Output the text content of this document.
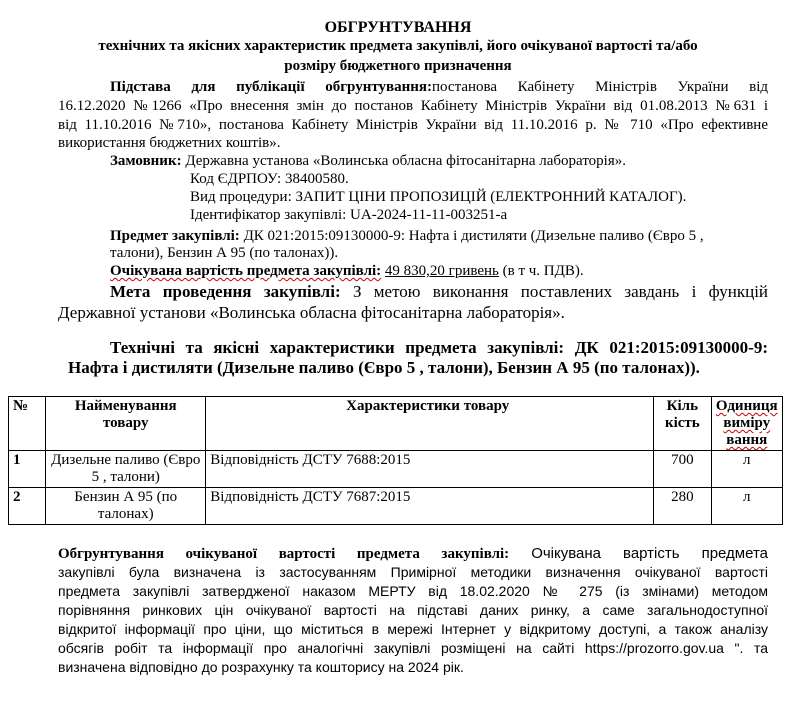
ОБГРУНТУВАННЯ
технічних та якісних характеристик предмета закупівлі, його очікуваної вартості та/або
розміру бюджетного призначення
Підстава для публікації обгрунтування:постанова Кабінету Міністрів України від
16.12.2020 №1266 «Про внесення змін до постанов Кабінету Міністрів України від 01.08.2013 №631 і
від 11.10.2016 №710», постанова Кабінету Міністрів України від 11.10.2016 р. № 710 «Про ефективне
використання бюджетних коштів».
Замовник: Державна установа «Волинська обласна фітосанітарна лабораторія».
Код ЄДРПОУ: 38400580.
Вид процедури: ЗАПИТ ЦІНИ ПРОПОЗИЦІЙ (ЕЛЕКТРОННИЙ КАТАЛОГ).
Ідентифікатор закупівлі: UA-2024-11-11-003251-a
Предмет закупівлі: ДК 021:2015:09130000-9: Нафта і дистиляти (Дизельне паливо (Євро 5 ,
талони), Бензин А 95 (по талонах)).
Очікувана вартість предмета закупівлі: 49 830,20 гривень (в т ч. ПДВ).
Мета проведення закупівлі: З метою виконання поставлених завдань і функцій
Державної установи «Волинська обласна фітосанітарна лабораторія».
Технічні та якісні характеристики предмета закупівлі: ДК 021:2015:09130000-9:
Нафта і дистиляти (Дизельне паливо (Євро 5 , талони), Бензин А 95 (по талонах)).
№	Найменування товару	Характеристики товару	Кіль кість	Одиниця виміру вання
1	Дизельне паливо (Євро 5 , талони)	Відповідність ДСТУ 7688:2015	700	л
2	Бензин А 95 (по талонах)	Відповідність ДСТУ 7687:2015	280	л
Обгрунтування очікуваної вартості предмета закупівлі: Очікувана вартість предмета
закупівлі була визначена із застосуванням Примірної методики визначення очікуваної вартості
предмета закупівлі затвердженої наказом МЕРТУ від 18.02.2020 № 275 (із змінами) методом
порівняння ринкових цін очікуваної вартості на підставі даних ринку, а саме загальнодоступної
відкритої інформації про ціни, що міститься в мережі Інтернет у відкритому доступі, а також аналізу
обсягів робіт та інформації про аналогічні закупівлі розміщені на сайті https://prozorro.gov.ua ". та
визначена відповідно до розрахунку та кошторису на 2024 рік.
